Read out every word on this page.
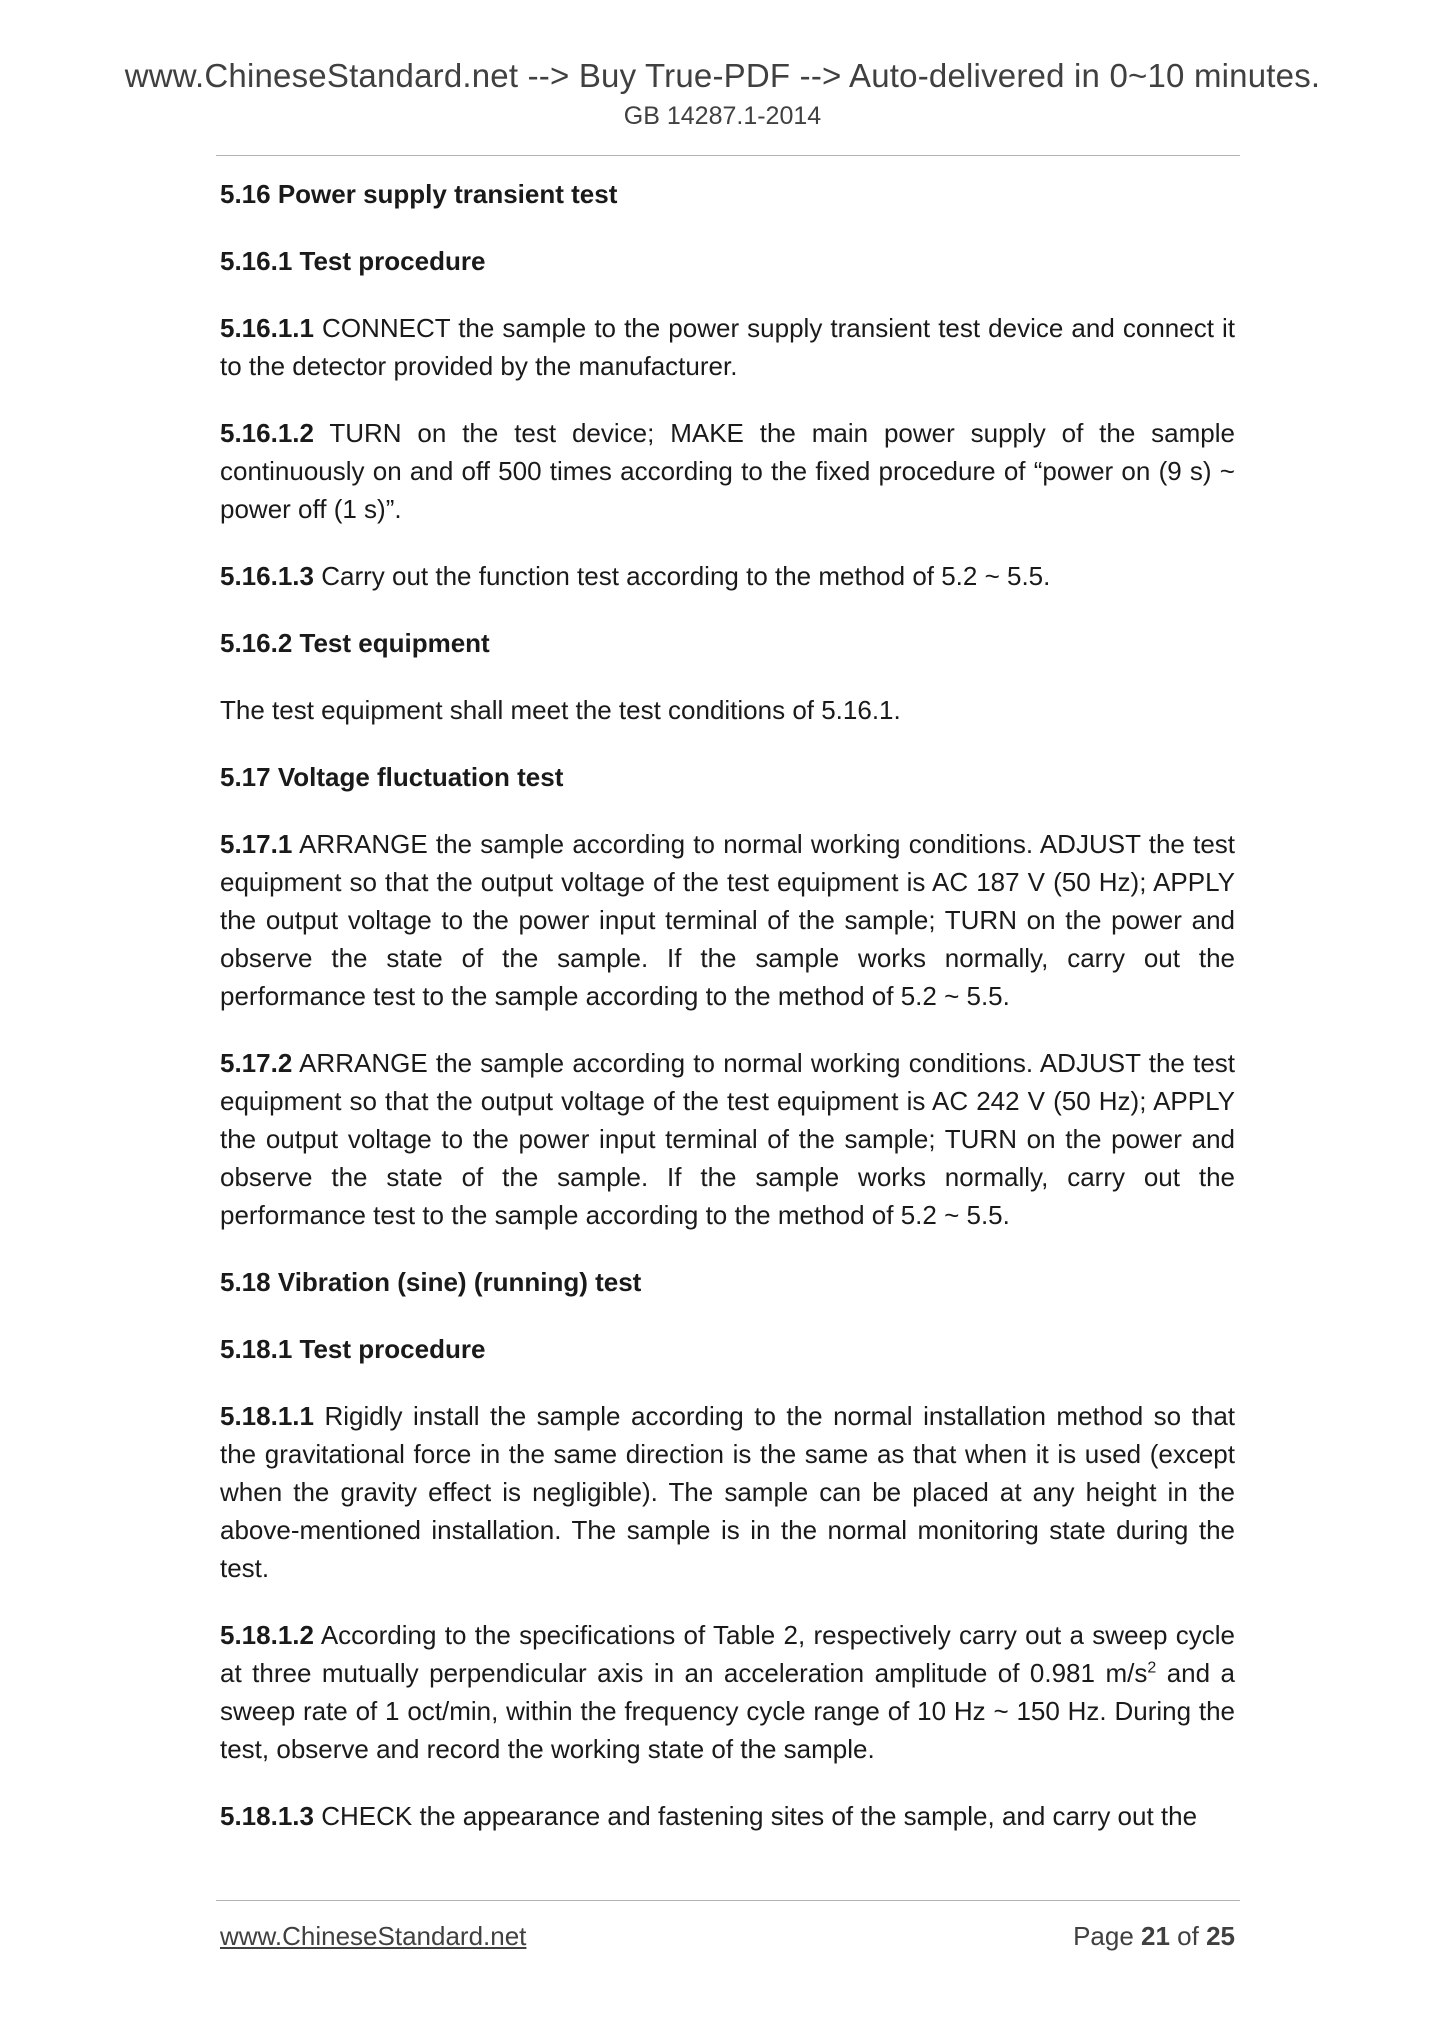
www.ChineseStandard.net --> Buy True-PDF --> Auto-delivered in 0~10 minutes.
GB 14287.1-2014

5.16 Power supply transient test

5.16.1 Test procedure

5.16.1.1 CONNECT the sample to the power supply transient test device and connect it to the detector provided by the manufacturer.

5.16.1.2 TURN on the test device; MAKE the main power supply of the sample continuously on and off 500 times according to the fixed procedure of “power on (9 s) ~ power off (1 s)”.

5.16.1.3 Carry out the function test according to the method of 5.2 ~ 5.5.

5.16.2 Test equipment

The test equipment shall meet the test conditions of 5.16.1.

5.17 Voltage fluctuation test

5.17.1 ARRANGE the sample according to normal working conditions. ADJUST the test equipment so that the output voltage of the test equipment is AC 187 V (50 Hz); APPLY the output voltage to the power input terminal of the sample; TURN on the power and observe the state of the sample. If the sample works normally, carry out the performance test to the sample according to the method of 5.2 ~ 5.5.

5.17.2 ARRANGE the sample according to normal working conditions. ADJUST the test equipment so that the output voltage of the test equipment is AC 242 V (50 Hz); APPLY the output voltage to the power input terminal of the sample; TURN on the power and observe the state of the sample. If the sample works normally, carry out the performance test to the sample according to the method of 5.2 ~ 5.5.

5.18 Vibration (sine) (running) test

5.18.1 Test procedure

5.18.1.1 Rigidly install the sample according to the normal installation method so that the gravitational force in the same direction is the same as that when it is used (except when the gravity effect is negligible). The sample can be placed at any height in the above-mentioned installation. The sample is in the normal monitoring state during the test.

5.18.1.2 According to the specifications of Table 2, respectively carry out a sweep cycle at three mutually perpendicular axis in an acceleration amplitude of 0.981 $m/s^2$ and a sweep rate of 1 oct/min, within the frequency cycle range of 10 Hz ~ 150 Hz. During the test, observe and record the working state of the sample.

5.18.1.3 CHECK the appearance and fastening sites of the sample, and carry out the

www.ChineseStandard.net	Page 21 of 25
